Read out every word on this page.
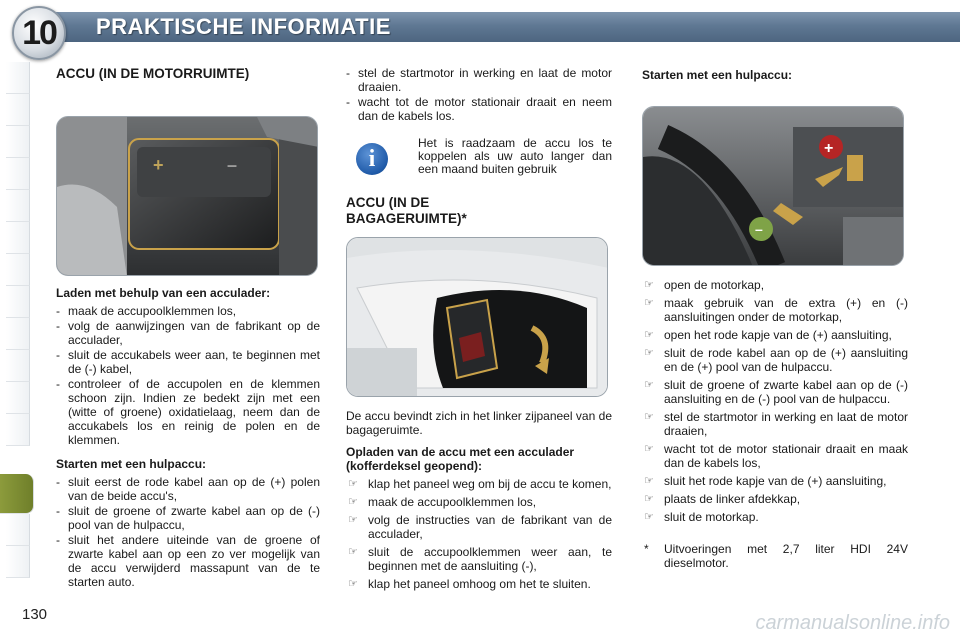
10 PRAKTISCHE INFORMATIE
ACCU (IN DE MOTORRUIMTE)
+	–
Laden met behulp van een acculader:
- maak de accupoolklemmen los,
- volg de aanwijzingen van de fabrikant op de acculader,
- sluit de accukabels weer aan, te beginnen met de (-) kabel,
- controleer of de accupolen en de klemmen schoon zijn. Indien ze bedekt zijn met een (witte of groene) oxidatielaag, neem dan de accukabels los en reinig de polen en de klemmen.
Starten met een hulpaccu:
- sluit eerst de rode kabel aan op de (+) polen van de beide accu's,
- sluit de groene of zwarte kabel aan op de (-) pool van de hulpaccu,
- sluit het andere uiteinde van de groene of zwarte kabel aan op een zo ver mogelijk van de accu verwijderd massapunt van de te starten auto.
- stel de startmotor in werking en laat de motor draaien.
- wacht tot de motor stationair draait en neem dan de kabels los.
i
Het is raadzaam de accu los te koppelen als uw auto langer dan een maand buiten gebruik
ACCU (IN DE BAGAGERUIMTE)*

De accu bevindt zich in het linker zijpaneel van de bagageruimte.

Opladen van de accu met een acculader (kofferdeksel geopend):
☞ klap het paneel weg om bij de accu te komen,
☞ maak de accupoolklemmen los,
☞ volg de instructies van de fabrikant van de acculader,
☞ sluit de accupoolklemmen weer aan, te beginnen met de aansluiting (-),
☞ klap het paneel omhoog om het te sluiten.
Starten met een hulpaccu:
+
–
☞ open de motorkap,
☞ maak gebruik van de extra (+) en (-) aansluitingen onder de motorkap,
☞ open het rode kapje van de (+) aansluiting,
☞ sluit de rode kabel aan op de (+) aansluiting en de (+) pool van de hulpaccu.
☞ sluit de groene of zwarte kabel aan op de (-) aansluiting en de (-) pool van de hulpaccu.
☞ stel de startmotor in werking en laat de motor draaien,
☞ wacht tot de motor stationair draait en maak dan de kabels los,
☞ sluit het rode kapje van de (+) aansluiting,
☞ plaats de linker afdekkap,
☞ sluit de motorkap.
* Uitvoeringen met 2,7 liter HDI 24V dieselmotor.
130	carmanualsonline.info
